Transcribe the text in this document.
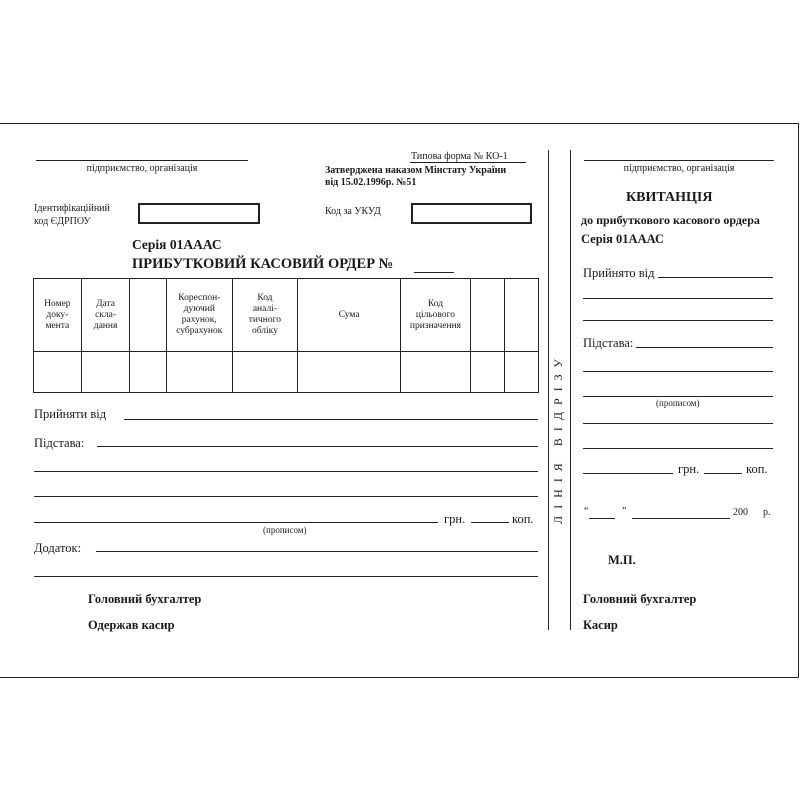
підприємство, організація
Типова форма № КО-1
Затверджена наказом Мінстату України
від 15.02.1996р. №51
Ідентифікаційний
код ЄДРПОУ
Код за УКУД
Серія 01АААС
ПРИБУТКОВИЙ КАСОВИЙ ОРДЕР №
Номер
доку-
мента	Дата
скла-
дання		Кореспон-
дуючий
рахунок,
субрахунок	Код
аналі-
тичного
обліку	Сума	Код
цільового
призначення		

Прийняти від
Підстава:
(прописом)
грн.	коп.
Додаток:
Головний бухгалтер
Одержав касир
ЛІНІЯ ВІДРІЗУ
підприємство, організація
КВИТАНЦІЯ
до прибуткового касового ордера
Серія 01АААС
Прийнято від
Підстава:
(прописом)
грн.	коп.
“	”	200 р.
М.П.
Головний бухгалтер
Касир
